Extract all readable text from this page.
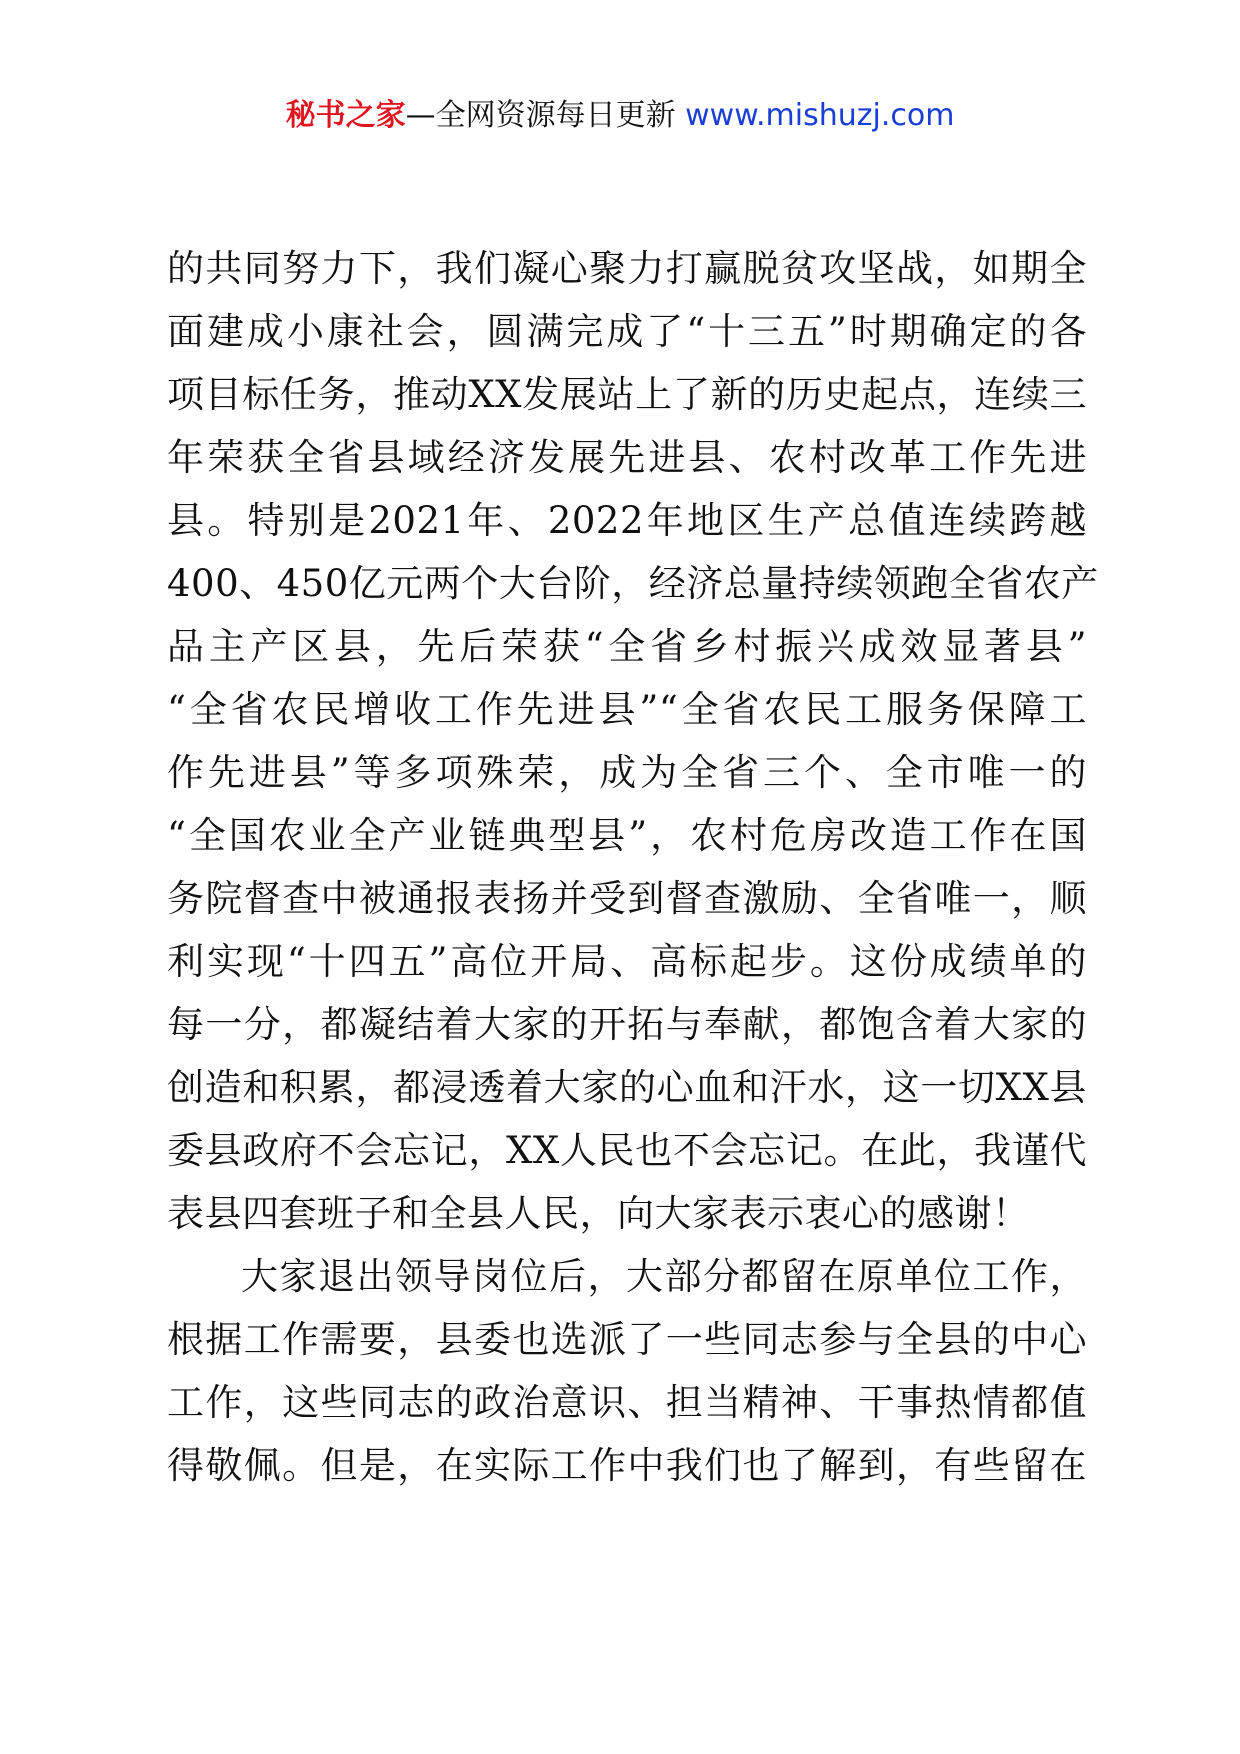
秘书之家—全网资源每日更新 www.mishuzj.com
的共同努力下，我们凝心聚力打赢脱贫攻坚战，如期全
面建成小康社会，圆满完成了“十三五”时期确定的各
项目标任务，推动XX发展站上了新的历史起点，连续三
年荣获全省县域经济发展先进县、农村改革工作先进
县。特别是2021年、2022年地区生产总值连续跨越
400、450亿元两个大台阶，经济总量持续领跑全省农产
品主产区县，先后荣获“全省乡村振兴成效显著县”
“全省农民增收工作先进县”“全省农民工服务保障工
作先进县”等多项殊荣，成为全省三个、全市唯一的
“全国农业全产业链典型县”，农村危房改造工作在国
务院督查中被通报表扬并受到督查激励、全省唯一，顺
利实现“十四五”高位开局、高标起步。这份成绩单的
每一分，都凝结着大家的开拓与奉献，都饱含着大家的
创造和积累，都浸透着大家的心血和汗水，这一切XX县
委县政府不会忘记，XX人民也不会忘记。在此，我谨代
表县四套班子和全县人民，向大家表示衷心的感谢！
大家退出领导岗位后，大部分都留在原单位工作，
根据工作需要，县委也选派了一些同志参与全县的中心
工作，这些同志的政治意识、担当精神、干事热情都值
得敬佩。但是，在实际工作中我们也了解到，有些留在
